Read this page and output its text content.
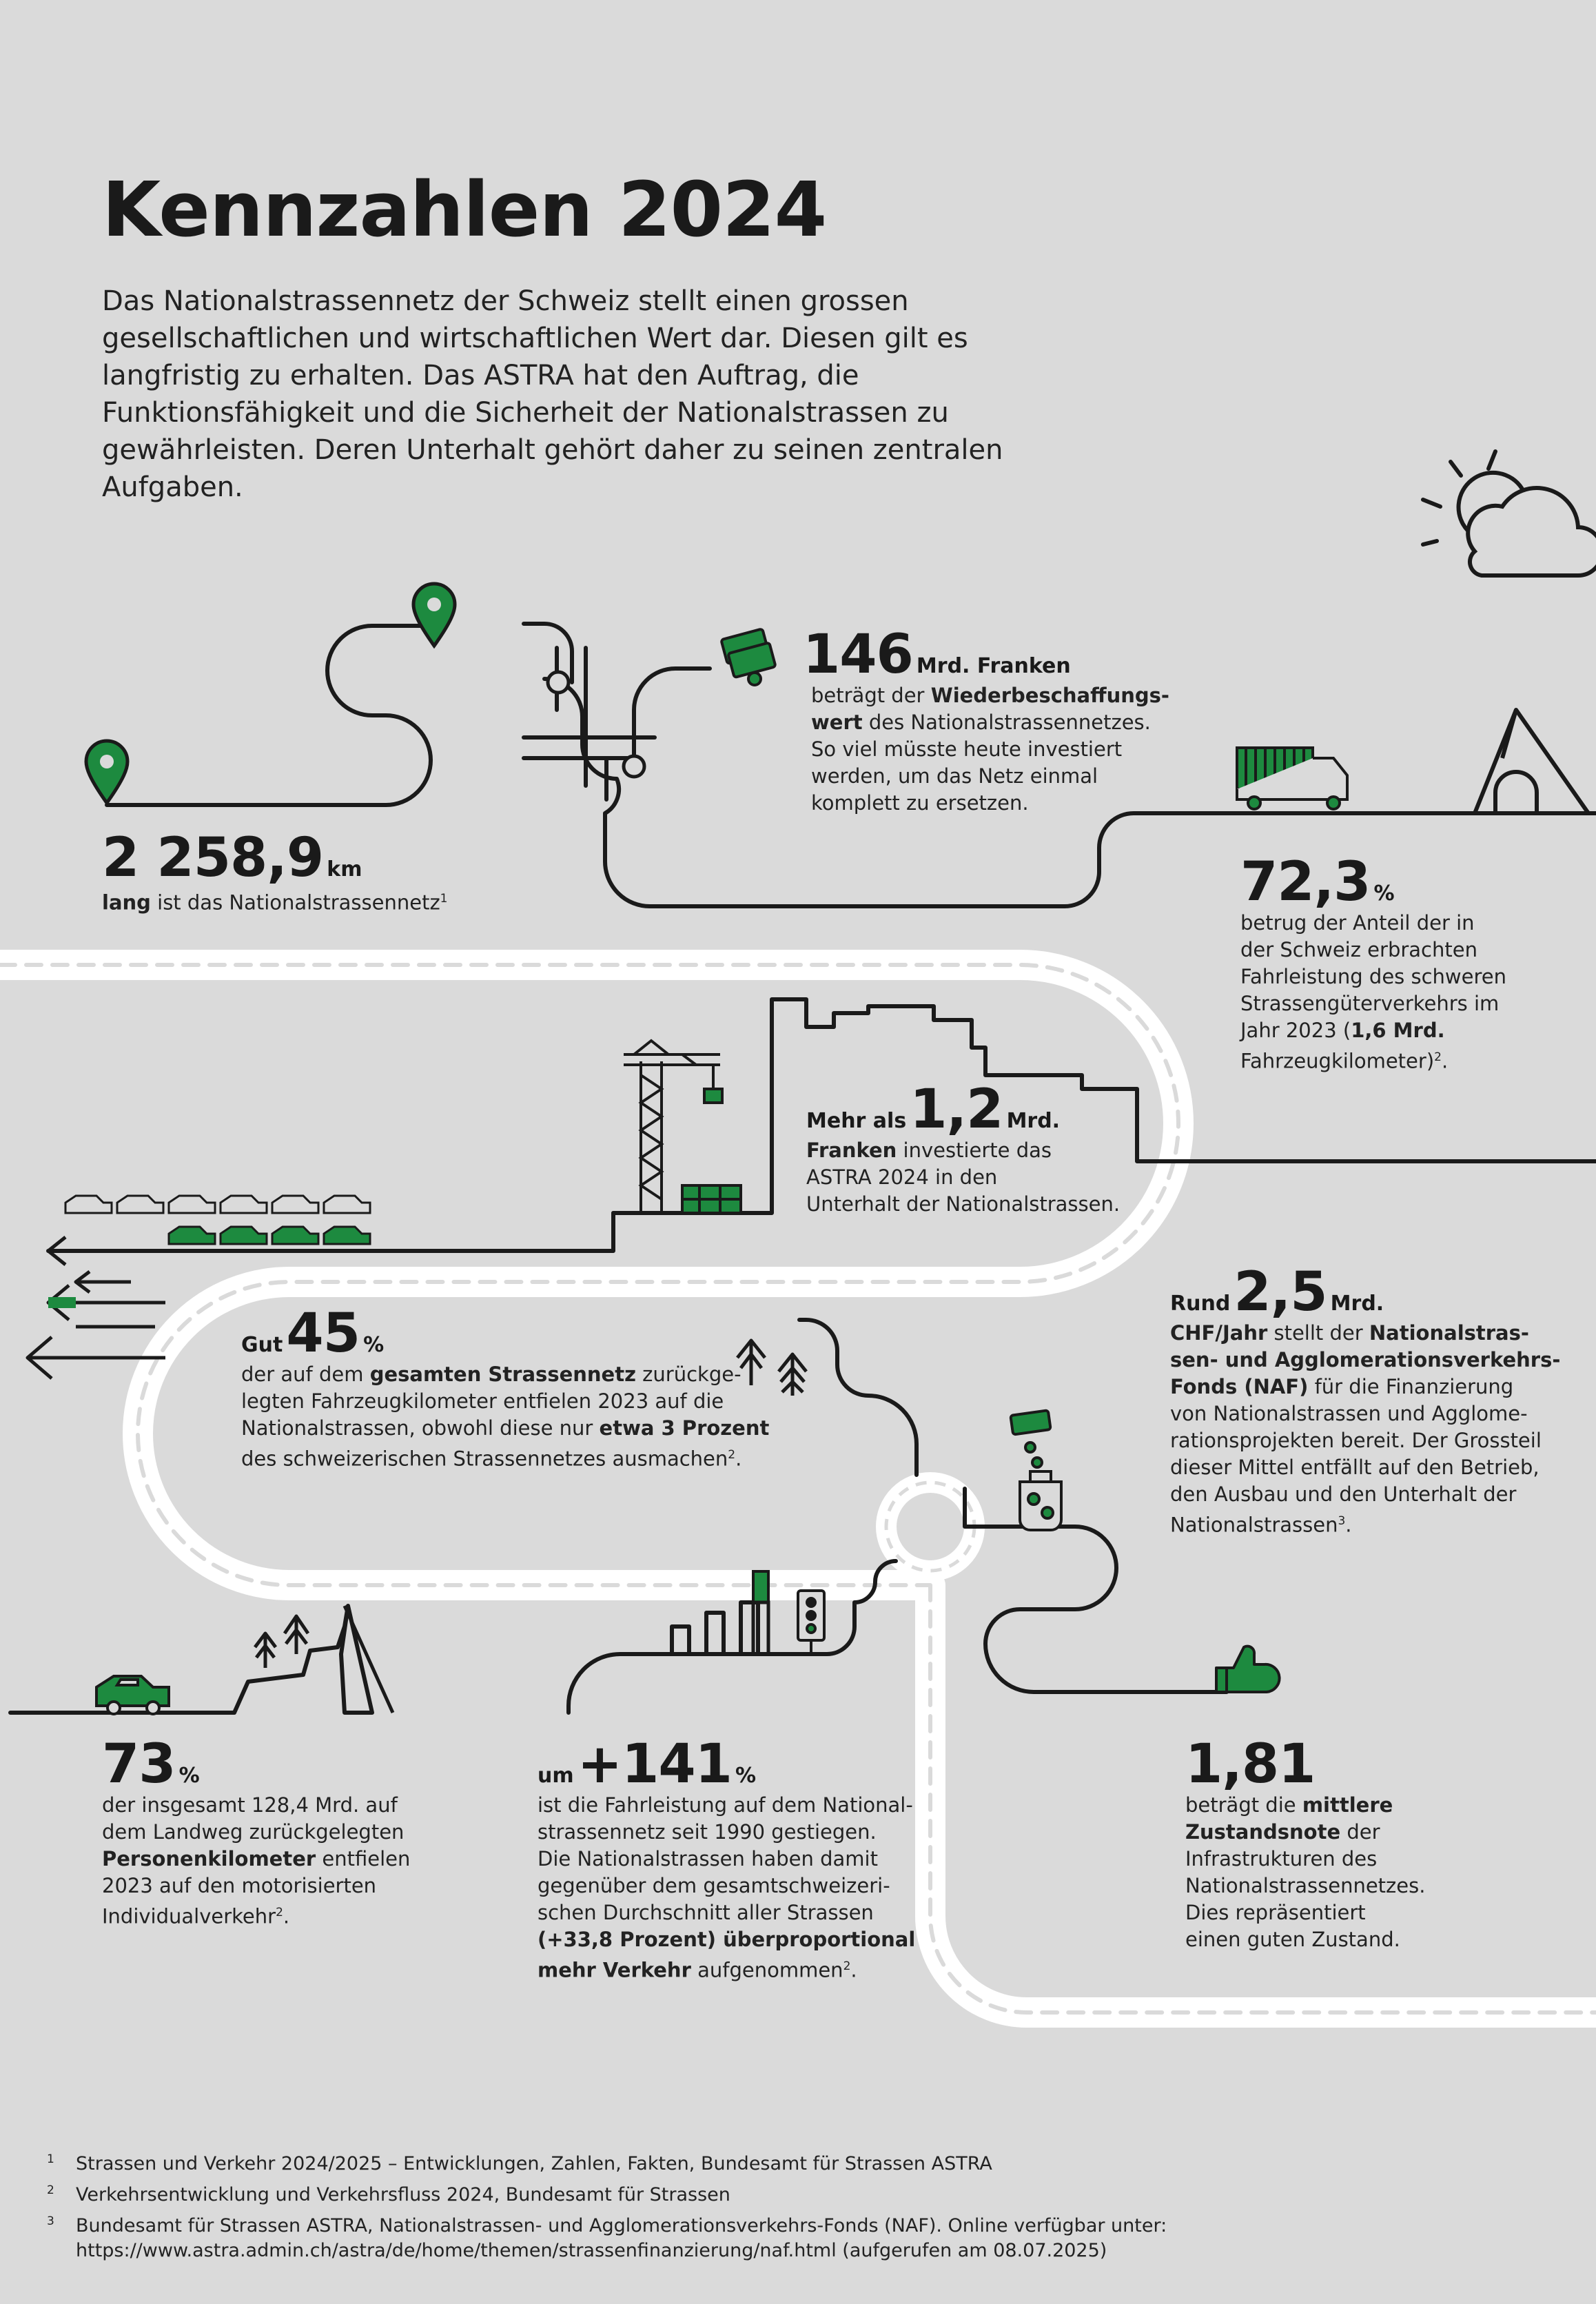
Kennzahlen 2024
Das Nationalstrassennetz der Schweiz stellt einen grossen gesellschaftlichen und wirtschaftlichen Wert dar. Diesen gilt es langfristig zu erhalten. Das ASTRA hat den Auftrag, die Funktionsfähigkeit und die Sicherheit der Nationalstrassen zu gewährleisten. Deren Unterhalt gehört daher zu seinen zentralen Aufgaben.
2 258,9 km
lang ist das Nationalstrassennetz$^1$
146 Mrd. Franken
beträgt der Wiederbeschaffungs-
wert des Nationalstrassennetzes.
So viel müsste heute investiert
werden, um das Netz einmal
komplett zu ersetzen.
72,3 %
betrug der Anteil der in
der Schweiz erbrachten
Fahrleistung des schweren
Strassengüterverkehrs im
Jahr 2023 (1,6 Mrd.
Fahrzeugkilometer)$^2$.
Mehr als 1,2 Mrd.
Franken investierte das
ASTRA 2024 in den
Unterhalt der Nationalstrassen.
Rund 2,5 Mrd.
CHF/Jahr stellt der Nationalstras-
sen- und Agglomerationsverkehrs-
Fonds (NAF) für die Finanzierung
von Nationalstrassen und Agglome-
rationsprojekten bereit. Der Grossteil
dieser Mittel entfällt auf den Betrieb,
den Ausbau und den Unterhalt der
Nationalstrassen$^3$.
Gut 45 %
der auf dem gesamten Strassennetz zurückge-
legten Fahrzeugkilometer entfielen 2023 auf die
Nationalstrassen, obwohl diese nur etwa 3 Prozent
des schweizerischen Strassennetzes ausmachen$^2$.
73 %
der insgesamt 128,4 Mrd. auf
dem Landweg zurückgelegten
Personenkilometer entfielen
2023 auf den motorisierten
Individualverkehr$^2$.
um +141 %
ist die Fahrleistung auf dem National-
strassennetz seit 1990 gestiegen.
Die Nationalstrassen haben damit
gegenüber dem gesamtschweizeri-
schen Durchschnitt aller Strassen
(+33,8 Prozent) überproportional
mehr Verkehr aufgenommen$^2$.
1,81
beträgt die mittlere
Zustandsnote der
Infrastrukturen des
Nationalstrassennetzes.
Dies repräsentiert
einen guten Zustand.
1 Strassen und Verkehr 2024/2025 – Entwicklungen, Zahlen, Fakten, Bundesamt für Strassen ASTRA
2 Verkehrsentwicklung und Verkehrsfluss 2024, Bundesamt für Strassen
3 Bundesamt für Strassen ASTRA, Nationalstrassen- und Agglomerationsverkehrs-Fonds (NAF). Online verfügbar unter:
https://www.astra.admin.ch/astra/de/home/themen/strassenfinanzierung/naf.html (aufgerufen am 08.07.2025)
